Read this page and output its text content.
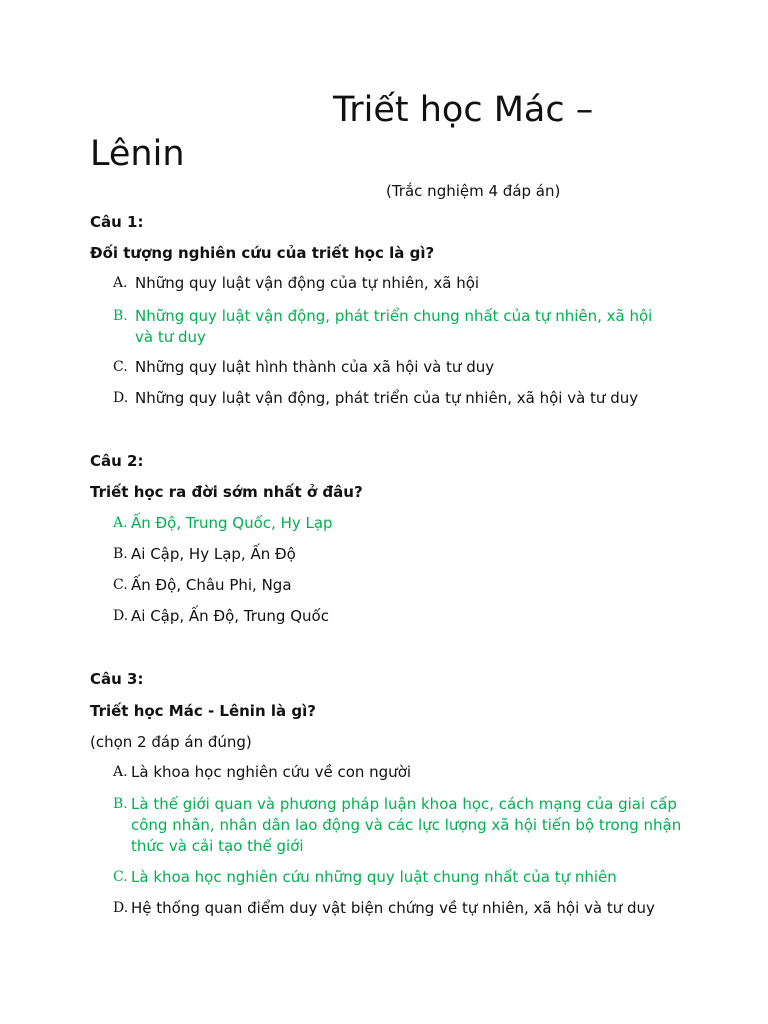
Triết học Mác – Lênin
(Trắc nghiệm 4 đáp án)
Câu 1:
Đối tượng nghiên cứu của triết học là gì?
A. Những quy luật vận động của tự nhiên, xã hội
B. Những quy luật vận động, phát triển chung nhất của tự nhiên, xã hội và tư duy
C. Những quy luật hình thành của xã hội và tư duy
D. Những quy luật vận động, phát triển của tự nhiên, xã hội và tư duy
Câu 2:
Triết học ra đời sớm nhất ở đâu?
A. Ấn Độ, Trung Quốc, Hy Lạp
B. Ai Cập, Hy Lạp, Ấn Độ
C. Ấn Độ, Châu Phi, Nga
D. Ai Cập, Ấn Độ, Trung Quốc
Câu 3:
Triết học Mác - Lênin là gì?
(chọn 2 đáp án đúng)
A. Là khoa học nghiên cứu về con người
B. Là thế giới quan và phương pháp luận khoa học, cách mạng của giai cấp công nhân, nhân dân lao động và các lực lượng xã hội tiến bộ trong nhận thức và cải tạo thế giới
C. Là khoa học nghiên cứu những quy luật chung nhất của tự nhiên
D. Hệ thống quan điểm duy vật biện chứng về tự nhiên, xã hội và tư duy
